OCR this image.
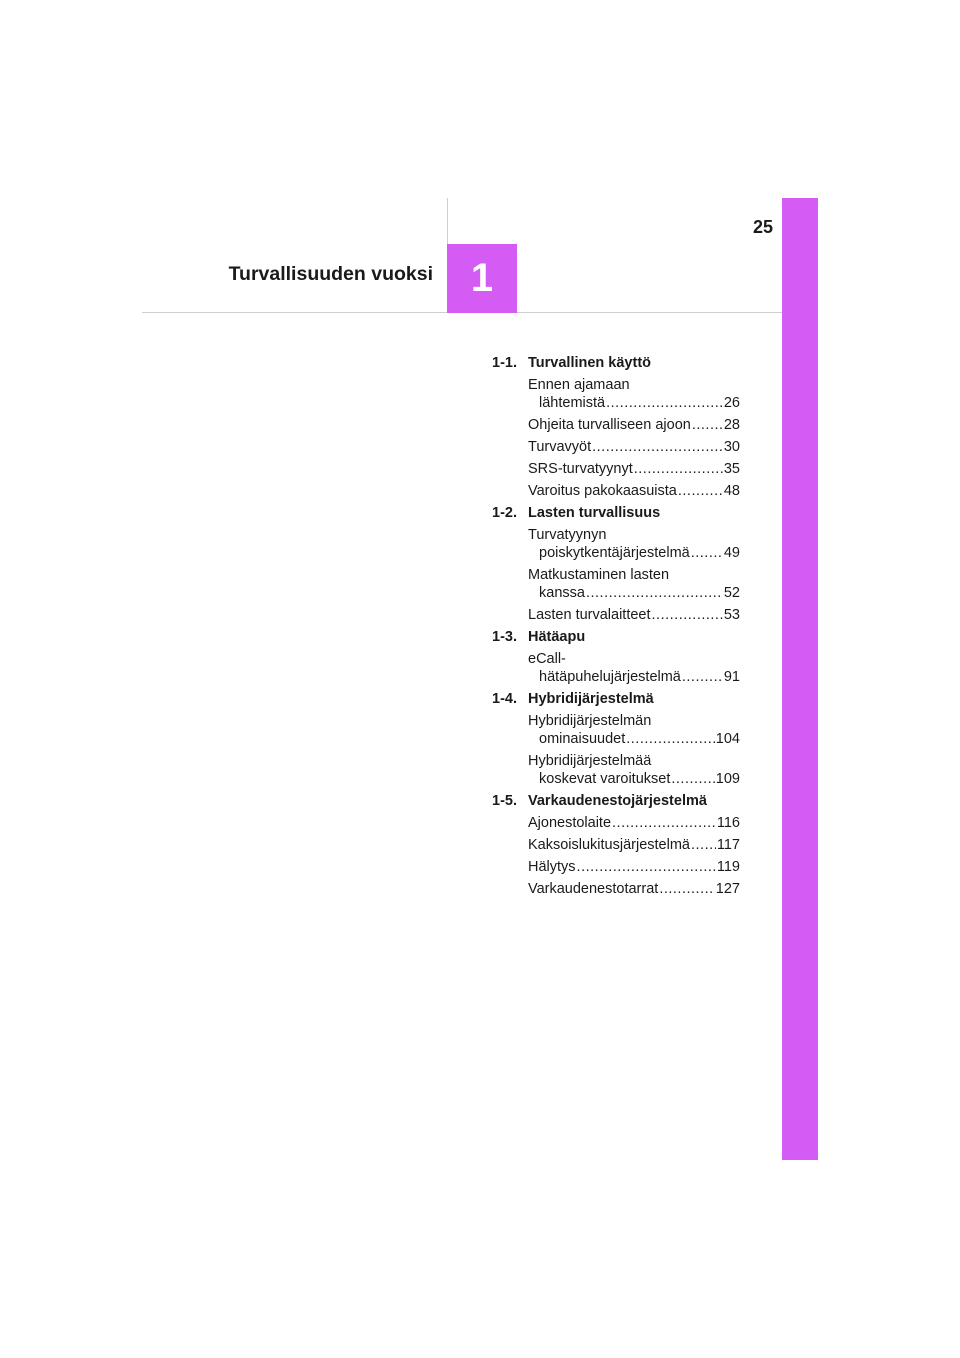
25
Turvallisuuden vuoksi 1
1-1. Turvallinen käyttö
Ennen ajamaan
lähtemistä .....	26
Ohjeita turvalliseen ajoon ..... 28
Turvavyöt .....	30
SRS-turvatyynyt .....	35
Varoitus pakokaasuista .....	48
1-2. Lasten turvallisuus
Turvatyynyn
poiskytkentäjärjestelmä ..... 49
Matkustaminen lasten
kanssa .....	52
Lasten turvalaitteet .....	53
1-3. Hätäapu
eCall-
hätäpuhelujärjestelmä .....	91
1-4. Hybridijärjestelmä
Hybridijärjestelmän
ominaisuudet .....	104
Hybridijärjestelmää
koskevat varoitukset .....	109
1-5. Varkaudenestojärjestelmä
Ajonestolaite .....	116
Kaksoislukitusjärjestelmä ..... 117
Hälytys .....	119
Varkaudenestotarrat .....	127
